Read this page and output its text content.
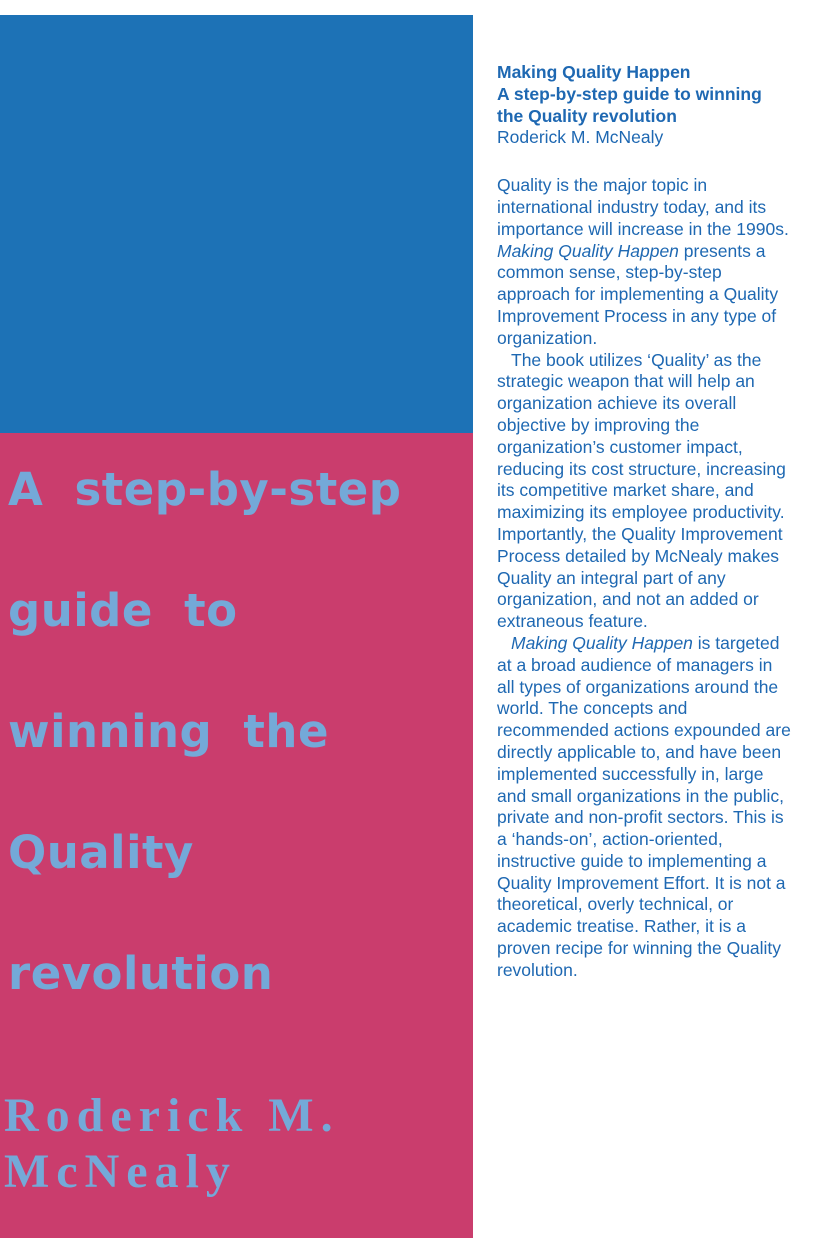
A step-by-step
guide to
winning the
Quality
revolution
Roderick M.
McNealy
Making Quality Happen
A step-by-step guide to winning the Quality revolution
Roderick M. McNealy

Quality is the major topic in international industry today, and its importance will increase in the 1990s. Making Quality Happen presents a common sense, step-by-step approach for implementing a Quality Improvement Process in any type of organization.

The book utilizes ‘Quality’ as the strategic weapon that will help an organization achieve its overall objective by improving the organization’s customer impact, reducing its cost structure, increasing its competitive market share, and maximizing its employee productivity. Importantly, the Quality Improvement Process detailed by McNealy makes Quality an integral part of any organization, and not an added or extraneous feature.

Making Quality Happen is targeted at a broad audience of managers in all types of organizations around the world. The concepts and recommended actions expounded are directly applicable to, and have been implemented successfully in, large and small organizations in the public, private and non-profit sectors. This is a ‘hands-on’, action-oriented, instructive guide to implementing a Quality Improvement Effort. It is not a theoretical, overly technical, or academic treatise. Rather, it is a proven recipe for winning the Quality revolution.
